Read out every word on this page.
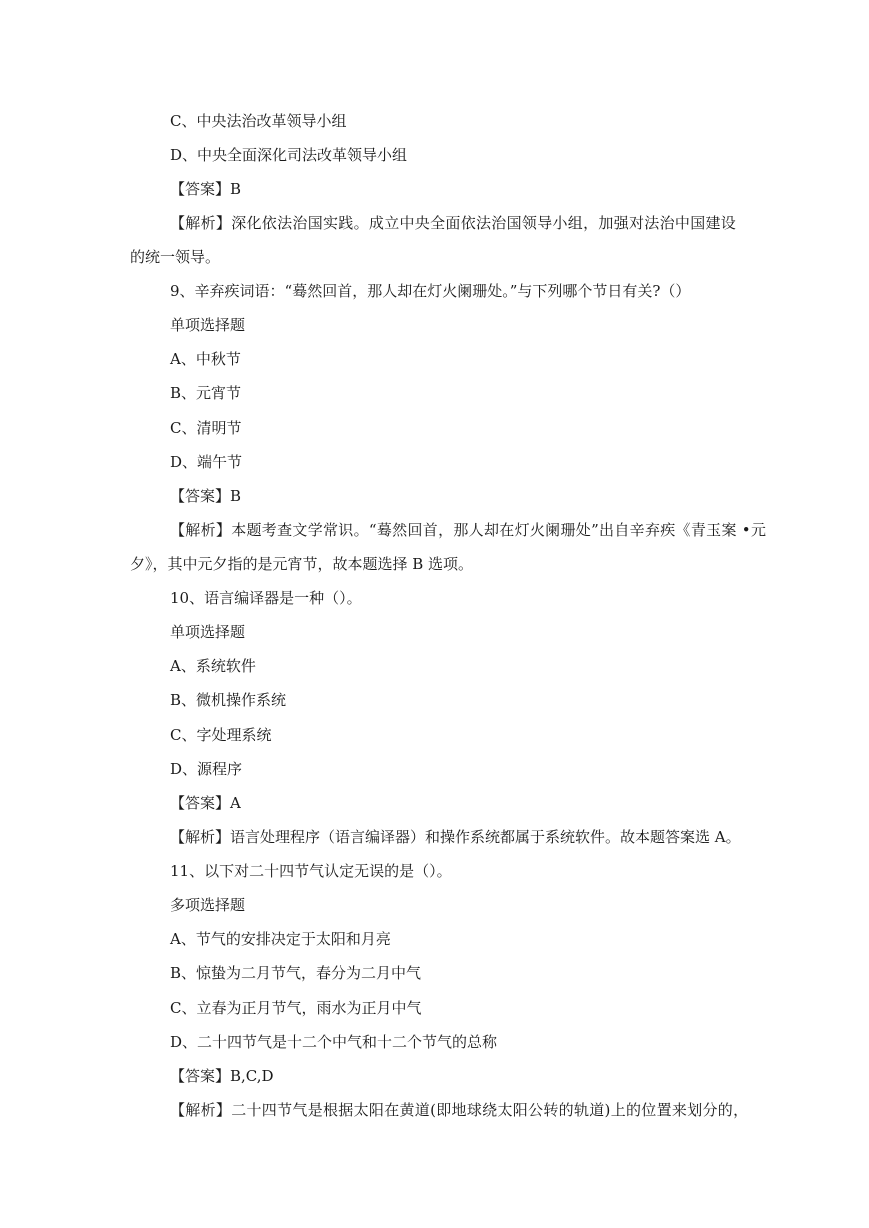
C、中央法治改革领导小组
D、中央全面深化司法改革领导小组
【答案】B
【解析】深化依法治国实践。成立中央全面依法治国领导小组，加强对法治中国建设
的统一领导。
9、辛弃疾词语：“蓦然回首，那人却在灯火阑珊处。”与下列哪个节日有关?（）
单项选择题
A、中秋节
B、元宵节
C、清明节
D、端午节
【答案】B
【解析】本题考查文学常识。“蓦然回首，那人却在灯火阑珊处”出自辛弃疾《青玉案 •元
夕》，其中元夕指的是元宵节，故本题选择 B 选项。
10、语言编译器是一种（）。
单项选择题
A、系统软件
B、微机操作系统
C、字处理系统
D、源程序
【答案】A
【解析】语言处理程序（语言编译器）和操作系统都属于系统软件。故本题答案选 A。
11、以下对二十四节气认定无误的是（）。
多项选择题
A、节气的安排决定于太阳和月亮
B、惊蛰为二月节气，春分为二月中气
C、立春为正月节气，雨水为正月中气
D、二十四节气是十二个中气和十二个节气的总称
【答案】B,C,D
【解析】二十四节气是根据太阳在黄道(即地球绕太阳公转的轨道)上的位置来划分的，
